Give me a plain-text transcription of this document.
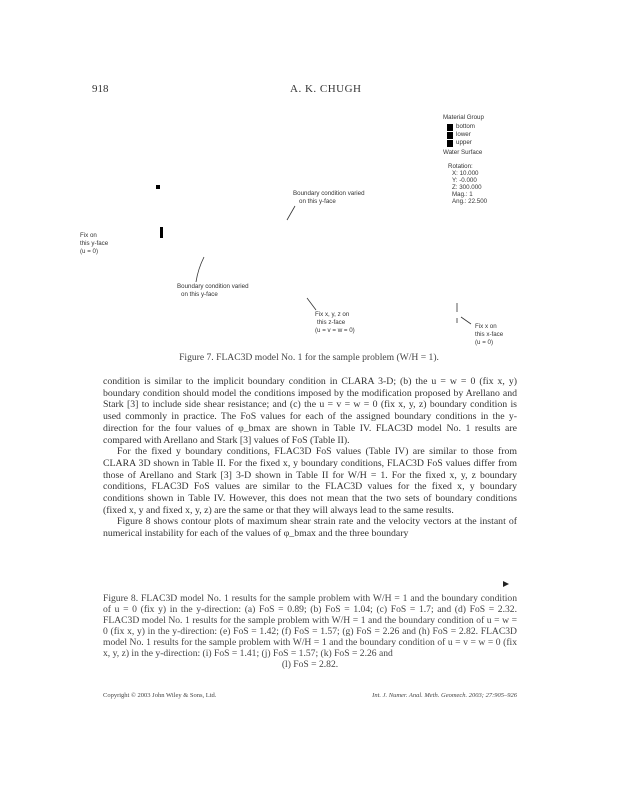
918	A. K. CHUGH
Material Group
bottom
lower
upper
Water Surface
Rotation:
X: 10.000
Y: -0.000
Z: 300.000
Mag.: 1
Ang.: 22.500
Fix on
this y-face
(u = 0)
Boundary condition varied
on this y-face
Boundary condition varied
on this y-face
Fix x, y, z on
this z-face
(u = v = w = 0)
Fix x on
this x-face
(u = 0)
Figure 7. FLAC3D model No. 1 for the sample problem (W/H = 1).

condition is similar to the implicit boundary condition in CLARA 3-D; (b) the u = w = 0 (fix x, y) boundary condition should model the conditions imposed by the modification proposed by Arellano and Stark [3] to include side shear resistance; and (c) the u = v = w = 0 (fix x, y, z) boundary condition is used commonly in practice. The FoS values for each of the assigned boundary conditions in the y-direction for the four values of φ_bmax are shown in Table IV. FLAC3D model No. 1 results are compared with Arellano and Stark [3] values of FoS (Table II).

For the fixed y boundary conditions, FLAC3D FoS values (Table IV) are similar to those from CLARA 3D shown in Table II. For the fixed x, y boundary conditions, FLAC3D FoS values differ from those of Arellano and Stark [3] 3-D shown in Table II for W/H = 1. For the fixed x, y, z boundary conditions, FLAC3D FoS values are similar to the FLAC3D values for the fixed x, y boundary conditions shown in Table IV. However, this does not mean that the two sets of boundary conditions (fixed x, y and fixed x, y, z) are the same or that they will always lead to the same results.

Figure 8 shows contour plots of maximum shear strain rate and the velocity vectors at the instant of numerical instability for each of the values of φ_bmax and the three boundary

Figure 8. FLAC3D model No. 1 results for the sample problem with W/H = 1 and the boundary condition of u = 0 (fix y) in the y-direction: (a) FoS = 0.89; (b) FoS = 1.04; (c) FoS = 1.7; and (d) FoS = 2.32. FLAC3D model No. 1 results for the sample problem with W/H = 1 and the boundary condition of u = w = 0 (fix x, y) in the y-direction: (e) FoS = 1.42; (f) FoS = 1.57; (g) FoS = 2.26 and (h) FoS = 2.82. FLAC3D model No. 1 results for the sample problem with W/H = 1 and the boundary condition of u = v = w = 0 (fix x, y, z) in the y-direction: (i) FoS = 1.41; (j) FoS = 1.57; (k) FoS = 2.26 and
(l) FoS = 2.82.
Copyright © 2003 John Wiley & Sons, Ltd.	Int. J. Numer. Anal. Meth. Geomech. 2003; 27:905–926
